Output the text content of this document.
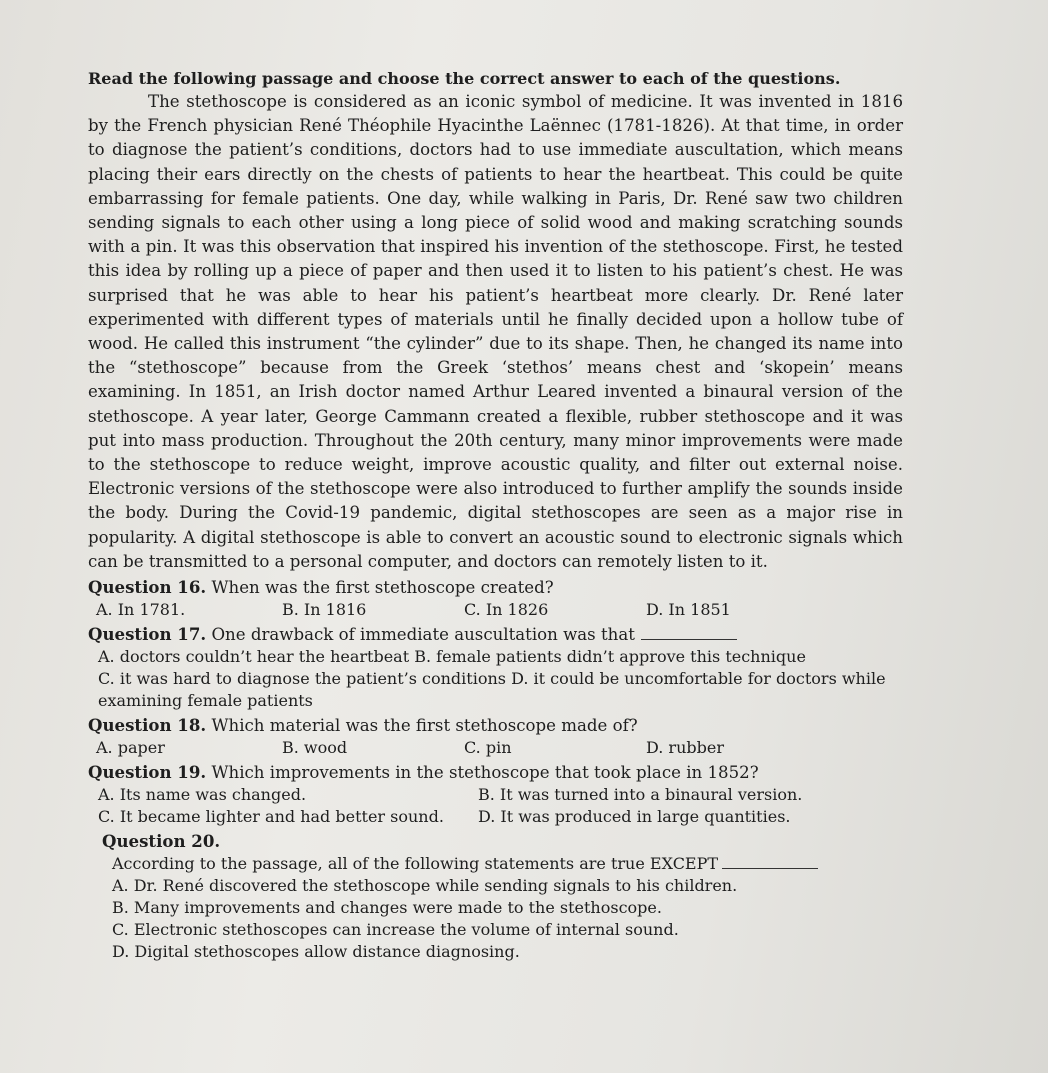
Read the following passage and choose the correct answer to each of the questions.

The stethoscope is considered as an iconic symbol of medicine. It was invented in 1816 by the French physician René Théophile Hyacinthe Laënnec (1781-1826). At that time, in order to diagnose the patient’s conditions, doctors had to use immediate auscultation, which means placing their ears directly on the chests of patients to hear the heartbeat. This could be quite embarrassing for female patients. One day, while walking in Paris, Dr. René saw two children sending signals to each other using a long piece of solid wood and making scratching sounds with a pin. It was this observation that inspired his invention of the stethoscope. First, he tested this idea by rolling up a piece of paper and then used it to listen to his patient’s chest. He was surprised that he was able to hear his patient’s heartbeat more clearly. Dr. René later experimented with different types of materials until he finally decided upon a hollow tube of wood. He called this instrument “the cylinder” due to its shape. Then, he changed its name into the “stethoscope” because from the Greek ‘stethos’ means chest and ‘skopein’ means examining. In 1851, an Irish doctor named Arthur Leared invented a binaural version of the stethoscope. A year later, George Cammann created a flexible, rubber stethoscope and it was put into mass production. Throughout the 20th century, many minor improvements were made to the stethoscope to reduce weight, improve acoustic quality, and filter out external noise. Electronic versions of the stethoscope were also introduced to further amplify the sounds inside the body. During the Covid-19 pandemic, digital stethoscopes are seen as a major rise in popularity. A digital stethoscope is able to convert an acoustic sound to electronic signals which can be transmitted to a personal computer, and doctors can remotely listen to it.

Question 16. When was the first stethoscope created?
A. In 1781.	B. In 1816	C. In 1826	D. In 1851
Question 17. One drawback of immediate auscultation was that
A. doctors couldn’t hear the heartbeat B. female patients didn’t approve this technique
C. it was hard to diagnose the patient’s conditions D. it could be uncomfortable for doctors while examining female patients
Question 18. Which material was the first stethoscope made of?
A. paper	B. wood	C. pin	D. rubber
Question 19. Which improvements in the stethoscope that took place in 1852?
A. Its name was changed.	B. It was turned into a binaural version.
C. It became lighter and had better sound.	D. It was produced in large quantities.
Question 20.
According to the passage, all of the following statements are true EXCEPT
A. Dr. René discovered the stethoscope while sending signals to his children.
B. Many improvements and changes were made to the stethoscope.
C. Electronic stethoscopes can increase the volume of internal sound.
D. Digital stethoscopes allow distance diagnosing.
